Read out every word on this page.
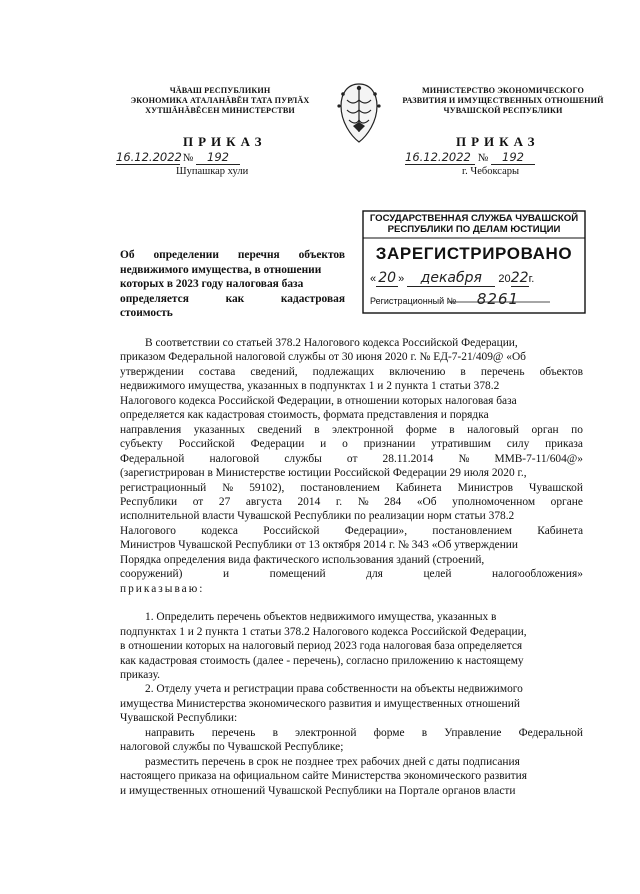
ЧĂВАШ РЕСПУБЛИКИН
ЭКОНОМИКА АТАЛАНĂВĔН ТАТА ПУРЛĂХ
ХУТШĂНĂВĔСЕН МИНИСТЕРСТВИ
МИНИСТЕРСТВО ЭКОНОМИЧЕСКОГО
РАЗВИТИЯ И ИМУЩЕСТВЕННЫХ ОТНОШЕНИЙ
ЧУВАШСКОЙ РЕСПУБЛИКИ
ПРИКАЗ	ПРИКАЗ
16.12.2022 № 192	16.12.2022 № 192
Шупашкар хули	г. Чебоксары
ГОСУДАРСТВЕННАЯ СЛУЖБА ЧУВАШСКОЙ
РЕСПУБЛИКИ ПО ДЕЛАМ ЮСТИЦИИ
ЗАРЕГИСТРИРОВАНО
« 20 » декабря 2022г.
Регистрационный № 8261
Об определении перечня объектов
недвижимого имущества, в отношении
которых в 2023 году налоговая база
определяется	как	кадастровая
стоимость
В соответствии со статьей 378.2 Налогового кодекса Российской Федерации,
приказом Федеральной налоговой службы от 30 июня 2020 г. № ЕД-7-21/409@ «Об
утверждении состава сведений, подлежащих включению в перечень объектов
недвижимого имущества, указанных в подпунктах 1 и 2 пункта 1 статьи 378.2
Налогового кодекса Российской Федерации, в отношении которых налоговая база
определяется как кадастровая стоимость, формата представления и порядка
направления указанных сведений в электронной форме в налоговый орган по
субъекту Российской Федерации и о признании утратившим силу приказа
Федеральной налоговой службы от 28.11.2014 № ММВ-7-11/604@»
(зарегистрирован в Министерстве юстиции Российской Федерации 29 июля 2020 г.,
регистрационный № 59102), постановлением Кабинета Министров Чувашской
Республики от 27 августа 2014 г. № 284 «Об уполномоченном органе
исполнительной власти Чувашской Республики по реализации норм статьи 378.2
Налогового кодекса Российской Федерации», постановлением Кабинета
Министров Чувашской Республики от 13 октября 2014 г. № 343 «Об утверждении
Порядка определения вида фактического использования зданий (строений,
сооружений)	и	помещений	для	целей	налогообложения»
приказываю:
1. Определить перечень объектов недвижимого имущества, указанных в
подпунктах 1 и 2 пункта 1 статьи 378.2 Налогового кодекса Российской Федерации,
в отношении которых на налоговый период 2023 года налоговая база определяется
как кадастровая стоимость (далее - перечень), согласно приложению к настоящему
приказу.
2. Отделу учета и регистрации права собственности на объекты недвижимого
имущества Министерства экономического развития и имущественных отношений
Чувашской Республики:
направить перечень в электронной форме в Управление Федеральной
налоговой службы по Чувашской Республике;
разместить перечень в срок не позднее трех рабочих дней с даты подписания
настоящего приказа на официальном сайте Министерства экономического развития
и имущественных отношений Чувашской Республики на Портале органов власти
